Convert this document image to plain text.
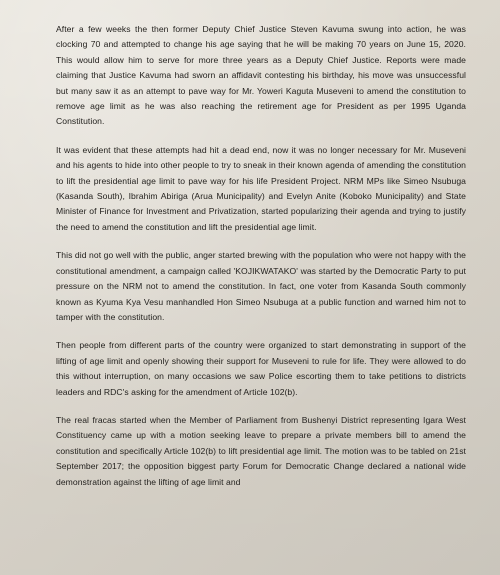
After a few weeks the then former Deputy Chief Justice Steven Kavuma swung into action, he was clocking 70 and attempted to change his age saying that he will be making 70 years on June 15, 2020. This would allow him to serve for more three years as a Deputy Chief Justice. Reports were made claiming that Justice Kavuma had sworn an affidavit contesting his birthday, his move was unsuccessful but many saw it as an attempt to pave way for Mr. Yoweri Kaguta Museveni to amend the constitution to remove age limit as he was also reaching the retirement age for President as per 1995 Uganda Constitution.

It was evident that these attempts had hit a dead end, now it was no longer necessary for Mr. Museveni and his agents to hide into other people to try to sneak in their known agenda of amending the constitution to lift the presidential age limit to pave way for his life President Project. NRM MPs like Simeo Nsubuga (Kasanda South), Ibrahim Abiriga (Arua Municipality) and Evelyn Anite (Koboko Municipality) and State Minister of Finance for Investment and Privatization, started popularizing their agenda and trying to justify the need to amend the constitution and lift the presidential age limit.

This did not go well with the public, anger started brewing with the population who were not happy with the constitutional amendment, a campaign called 'KOJIKWATAKO' was started by the Democratic Party to put pressure on the NRM not to amend the constitution. In fact, one voter from Kasanda South commonly known as Kyuma Kya Vesu manhandled Hon Simeo Nsubuga at a public function and warned him not to tamper with the constitution.

Then people from different parts of the country were organized to start demonstrating in support of the lifting of age limit and openly showing their support for Museveni to rule for life. They were allowed to do this without interruption, on many occasions we saw Police escorting them to take petitions to districts leaders and RDC's asking for the amendment of Article 102(b).

The real fracas started when the Member of Parliament from Bushenyi District representing Igara West Constituency came up with a motion seeking leave to prepare a private members bill to amend the constitution and specifically Article 102(b) to lift presidential age limit. The motion was to be tabled on 21st September 2017; the opposition biggest party Forum for Democratic Change declared a national wide demonstration against the lifting of age limit and
